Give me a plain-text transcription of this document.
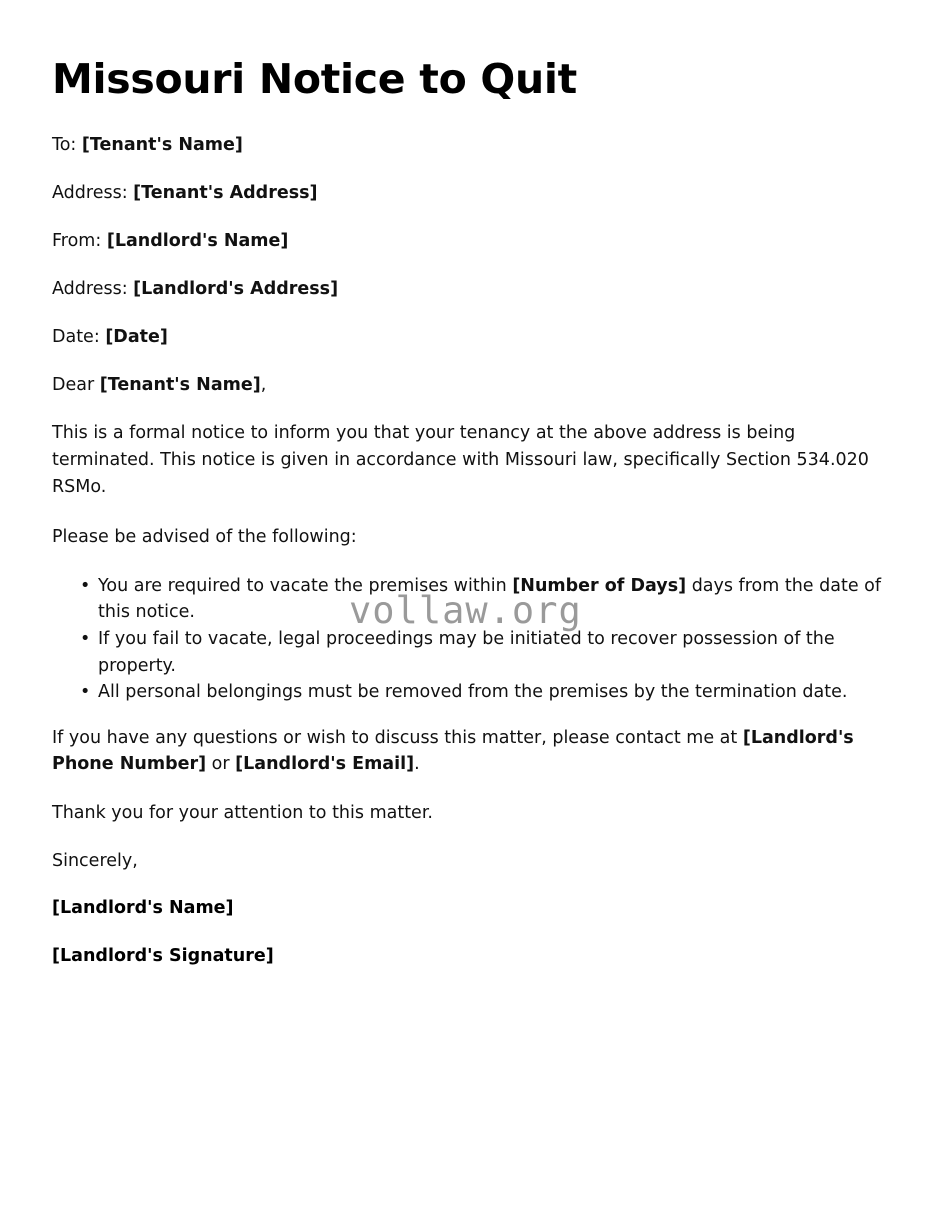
Missouri Notice to Quit

To: [Tenant's Name]

Address: [Tenant's Address]

From: [Landlord's Name]

Address: [Landlord's Address]

Date: [Date]

Dear [Tenant's Name],

This is a formal notice to inform you that your tenancy at the above address is being terminated. This notice is given in accordance with Missouri law, specifically Section 534.020 RSMo.

Please be advised of the following:

• You are required to vacate the premises within [Number of Days] days from the date of this notice.
• If you fail to vacate, legal proceedings may be initiated to recover possession of the property.
• All personal belongings must be removed from the premises by the termination date.

If you have any questions or wish to discuss this matter, please contact me at [Landlord's Phone Number] or [Landlord's Email].

Thank you for your attention to this matter.

Sincerely,

[Landlord's Name]

[Landlord's Signature]

vollaw.org
